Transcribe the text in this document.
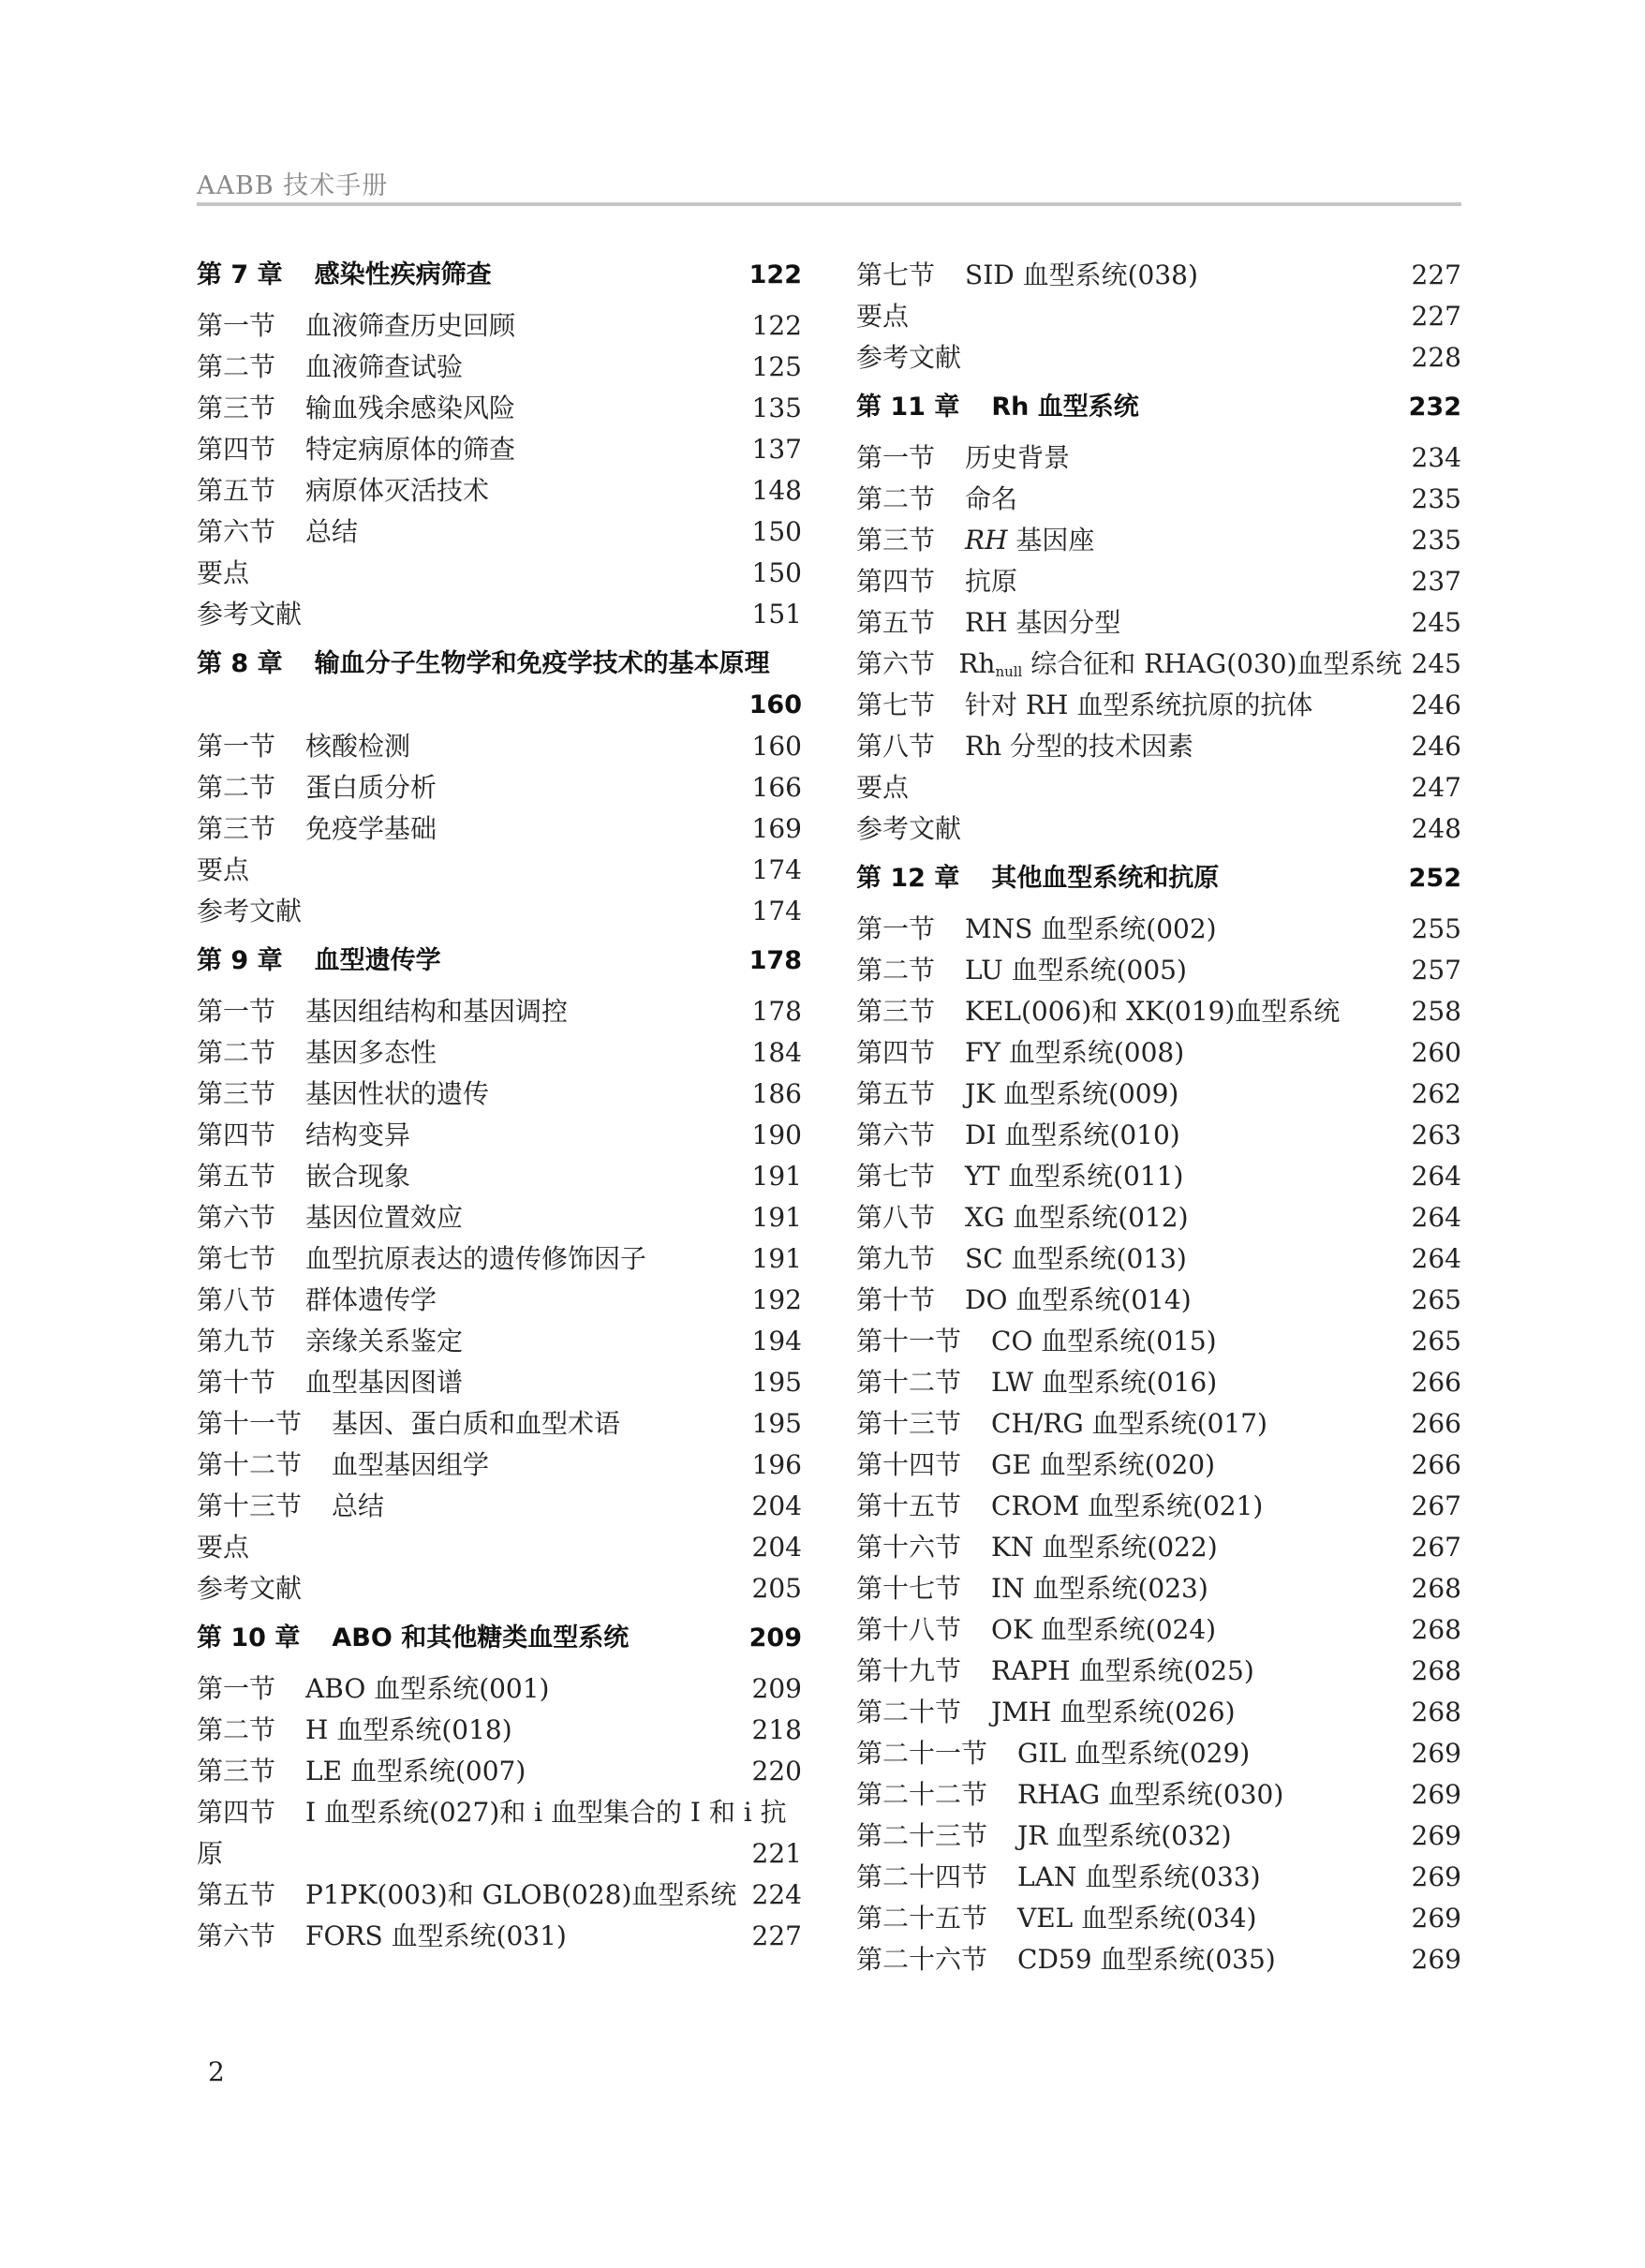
AABB 技术手册
第 7 章 感染性疾病筛查	122
第一节 血液筛查历史回顾	122
第二节 血液筛查试验	125
第三节 输血残余感染风险	135
第四节 特定病原体的筛查	137
第五节 病原体灭活技术	148
第六节 总结	150
要点	150
参考文献	151
第 8 章 输血分子生物学和免疫学技术的基本原理
160
第一节 核酸检测	160
第二节 蛋白质分析	166
第三节 免疫学基础	169
要点	174
参考文献	174
第 9 章 血型遗传学	178
第一节 基因组结构和基因调控	178
第二节 基因多态性	184
第三节 基因性状的遗传	186
第四节 结构变异	190
第五节 嵌合现象	191
第六节 基因位置效应	191
第七节 血型抗原表达的遗传修饰因子	191
第八节 群体遗传学	192
第九节 亲缘关系鉴定	194
第十节 血型基因图谱	195
第十一节 基因、蛋白质和血型术语	195
第十二节 血型基因组学	196
第十三节 总结	204
要点	204
参考文献	205
第 10 章 ABO 和其他糖类血型系统	209
第一节 ABO 血型系统(001)	209
第二节 H 血型系统(018)	218
第三节 LE 血型系统(007)	220
第四节 I 血型系统(027)和 i 血型集合的 I 和 i 抗
原	221
第五节 P1PK(003)和 GLOB(028)血型系统 224
第六节 FORS 血型系统(031)	227
第七节 SID 血型系统(038)	227
要点	227
参考文献	228
第 11 章 Rh 血型系统	232
第一节 历史背景	234
第二节 命名	235
第三节 RH 基因座	235
第四节 抗原	237
第五节 RH 基因分型	245
第六节 $Rh_{null}$ 综合征和 RHAG(030)血型系统 245
第七节 针对 RH 血型系统抗原的抗体	246
第八节 Rh 分型的技术因素	246
要点	247
参考文献	248
第 12 章 其他血型系统和抗原	252
第一节 MNS 血型系统(002)	255
第二节 LU 血型系统(005)	257
第三节 KEL(006)和 XK(019)血型系统	258
第四节 FY 血型系统(008)	260
第五节 JK 血型系统(009)	262
第六节 DI 血型系统(010)	263
第七节 YT 血型系统(011)	264
第八节 XG 血型系统(012)	264
第九节 SC 血型系统(013)	264
第十节 DO 血型系统(014)	265
第十一节 CO 血型系统(015)	265
第十二节 LW 血型系统(016)	266
第十三节 CH/RG 血型系统(017)	266
第十四节 GE 血型系统(020)	266
第十五节 CROM 血型系统(021)	267
第十六节 KN 血型系统(022)	267
第十七节 IN 血型系统(023)	268
第十八节 OK 血型系统(024)	268
第十九节 RAPH 血型系统(025)	268
第二十节 JMH 血型系统(026)	268
第二十一节 GIL 血型系统(029)	269
第二十二节 RHAG 血型系统(030)	269
第二十三节 JR 血型系统(032)	269
第二十四节 LAN 血型系统(033)	269
第二十五节 VEL 血型系统(034)	269
第二十六节 CD59 血型系统(035)	269
2
